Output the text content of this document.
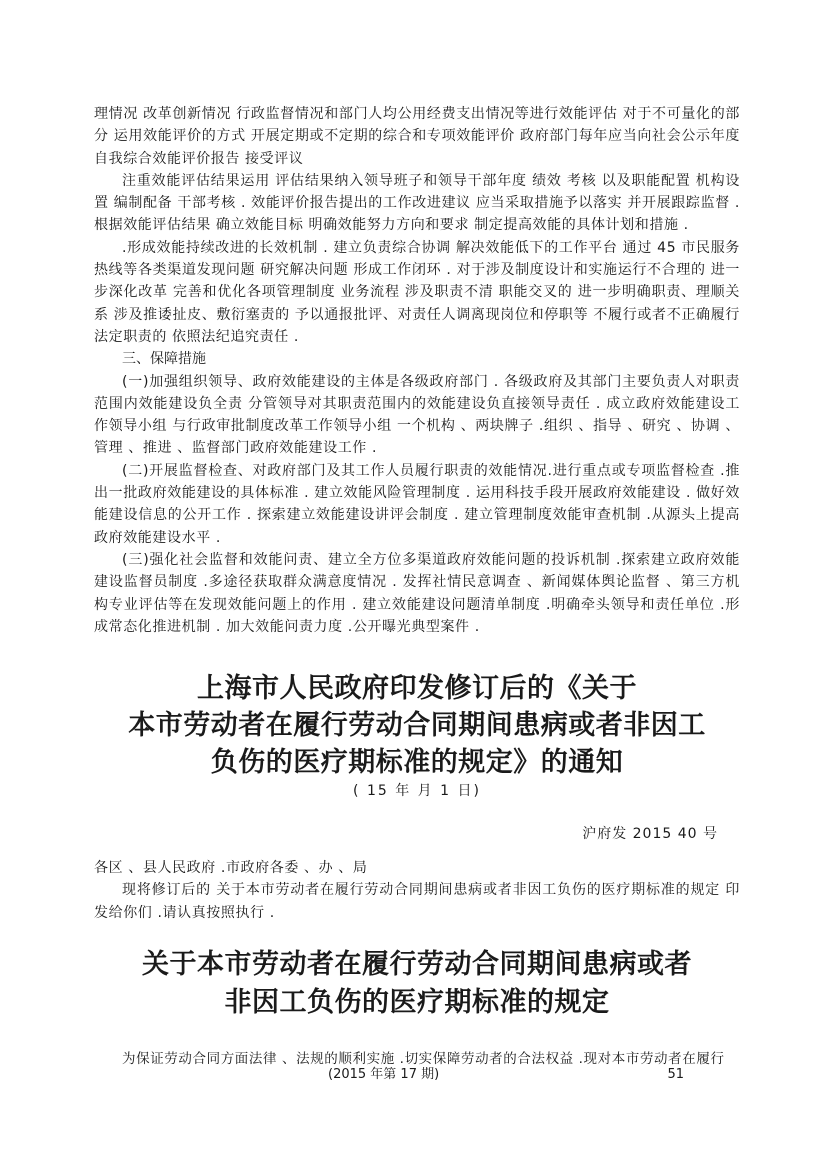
理情况 改革创新情况 行政监督情况和部门人均公用经费支出情况等进行效能评估 对于不可量化的部分 运用效能评价的方式 开展定期或不定期的综合和专项效能评价 政府部门每年应当向社会公示年度自我综合效能评价报告 接受评议

注重效能评估结果运用 评估结果纳入领导班子和领导干部年度 绩效 考核 以及职能配置 机构设置 编制配备 干部考核 . 效能评价报告提出的工作改进建议 应当采取措施予以落实 并开展跟踪监督 . 根据效能评估结果 确立效能目标 明确效能努力方向和要求 制定提高效能的具体计划和措施 .

.形成效能持续改进的长效机制 . 建立负责综合协调 解决效能低下的工作平台 通过 45 市民服务热线等各类渠道发现问题 研究解决问题 形成工作闭环 . 对于涉及制度设计和实施运行不合理的 进一步深化改革 完善和优化各项管理制度 业务流程 涉及职责不清 职能交叉的 进一步明确职责、理顺关系 涉及推诿扯皮、敷衍塞责的 予以通报批评、对责任人调离现岗位和停职等 不履行或者不正确履行法定职责的 依照法纪追究责任 .

三、保障措施

(一)加强组织领导、政府效能建设的主体是各级政府部门 . 各级政府及其部门主要负责人对职责范围内效能建设负全责 分管领导对其职责范围内的效能建设负直接领导责任 . 成立政府效能建设工作领导小组 与行政审批制度改革工作领导小组 一个机构 、两块牌子 .组织 、指导 、研究 、协调 、管理 、推进 、监督部门政府效能建设工作 .

(二)开展监督检查、对政府部门及其工作人员履行职责的效能情况.进行重点或专项监督检查 .推出一批政府效能建设的具体标准 . 建立效能风险管理制度 . 运用科技手段开展政府效能建设 . 做好效能建设信息的公开工作 . 探索建立效能建设讲评会制度 . 建立管理制度效能审查机制 .从源头上提高政府效能建设水平 .

(三)强化社会监督和效能问责、建立全方位多渠道政府效能问题的投诉机制 .探索建立政府效能建设监督员制度 .多途径获取群众满意度情况 . 发挥社情民意调查 、新闻媒体舆论监督 、第三方机构专业评估等在发现效能问题上的作用 . 建立效能建设问题清单制度 .明确牵头领导和责任单位 .形成常态化推进机制 . 加大效能问责力度 .公开曝光典型案件 .

上海市人民政府印发修订后的《关于

本市劳动者在履行劳动合同期间患病或者非因工

负伤的医疗期标准的规定》的通知

( 15 年 月 1 日)

沪府发 2015 40 号

各区 、县人民政府 .市政府各委 、办 、局

现将修订后的 关于本市劳动者在履行劳动合同期间患病或者非因工负伤的医疗期标准的规定 印发给你们 .请认真按照执行 .

关于本市劳动者在履行劳动合同期间患病或者

非因工负伤的医疗期标准的规定

为保证劳动合同方面法律 、法规的顺利实施 .切实保障劳动者的合法权益 .现对本市劳动者在履行

(2015 年第 17 期)	51
